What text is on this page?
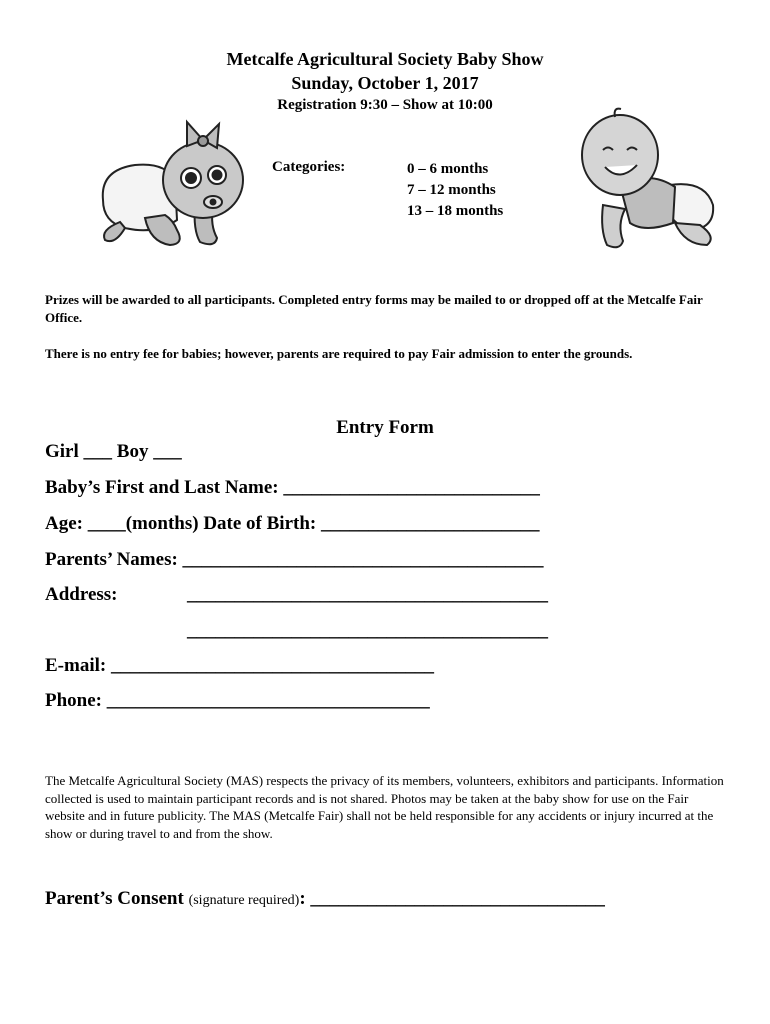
Metcalfe Agricultural Society Baby Show
Sunday, October 1, 2017
Registration 9:30 – Show at 10:00
Categories:	0 – 6 months
7 – 12 months
13 – 18 months
Prizes will be awarded to all participants. Completed entry forms may be mailed to or dropped off at the Metcalfe Fair Office.
There is no entry fee for babies; however, parents are required to pay Fair admission to enter the grounds.
Entry Form
Girl ___ Boy ___
Baby’s First and Last Name: ___________________________
Age: ____(months) Date of Birth: _______________________
Parents’ Names: ______________________________________
Address:	______________________________________
______________________________________
E-mail: __________________________________
Phone: __________________________________
The Metcalfe Agricultural Society (MAS) respects the privacy of its members, volunteers, exhibitors and participants. Information collected is used to maintain participant records and is not shared. Photos may be taken at the baby show for use on the Fair website and in future publicity. The MAS (Metcalfe Fair) shall not be held responsible for any accidents or injury incurred at the show or during travel to and from the show.
Parent’s Consent (signature required): _______________________________
